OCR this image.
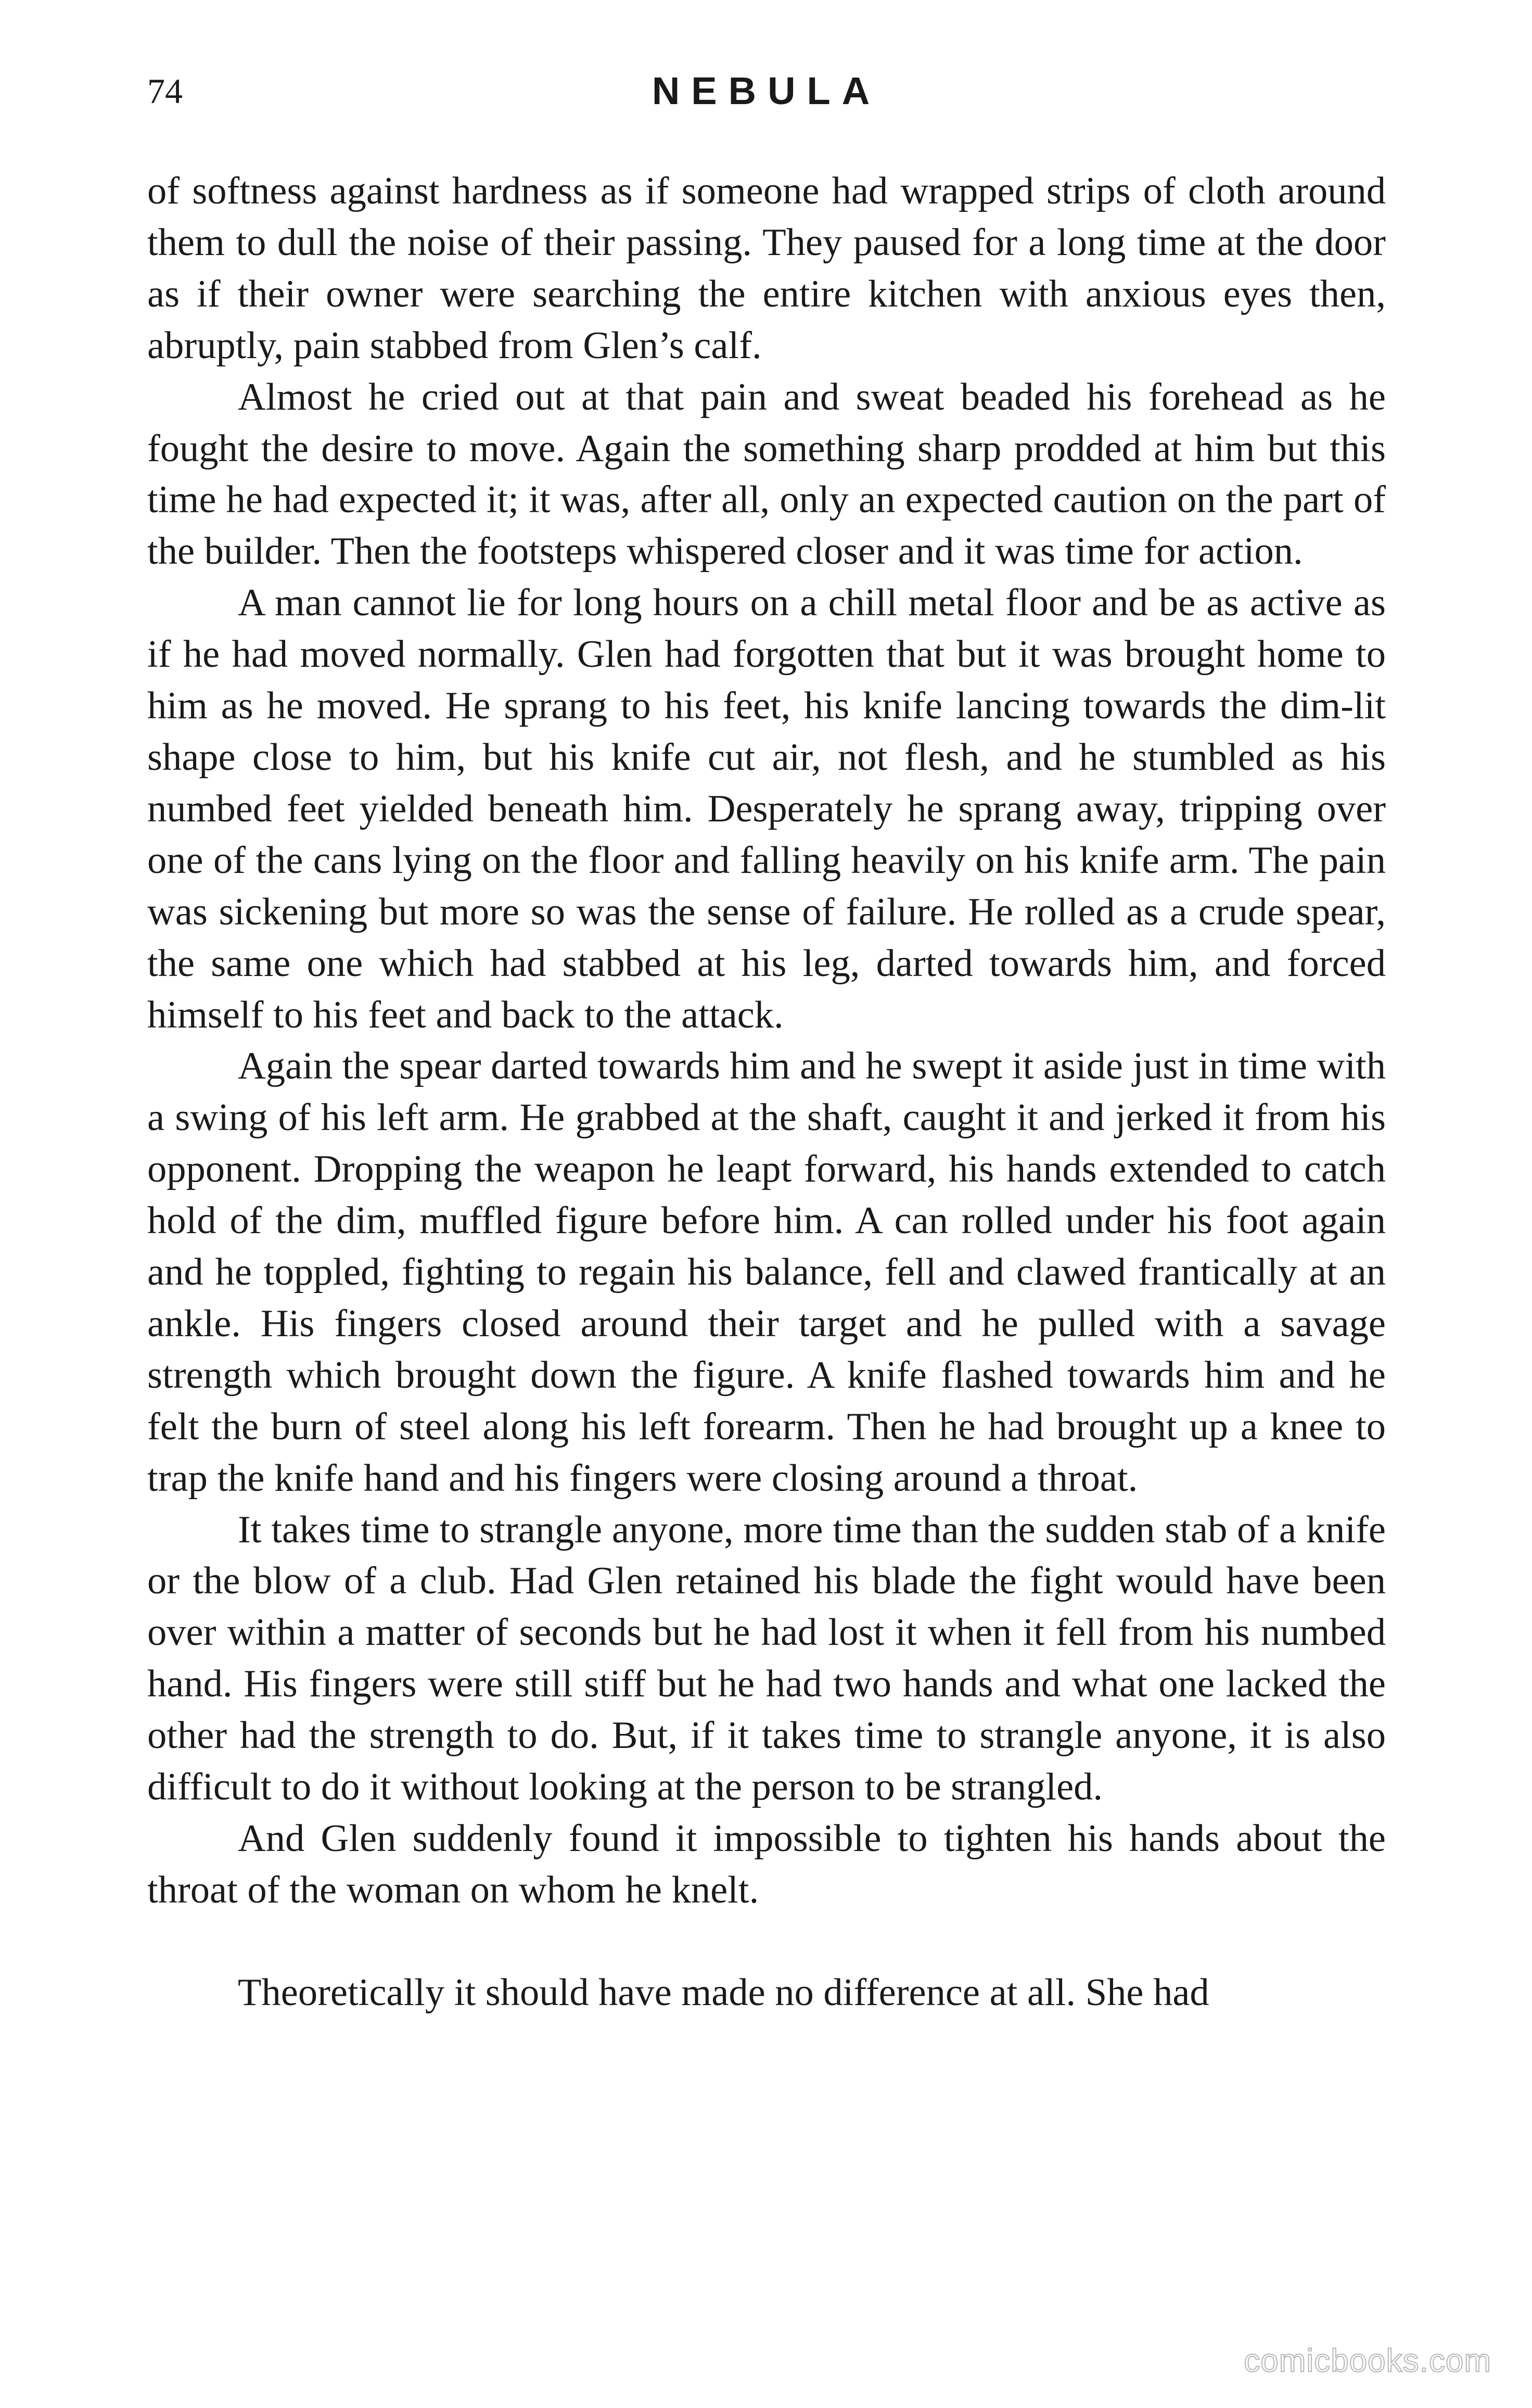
74	NEBULA

of softness against hardness as if someone had wrapped strips of cloth around them to dull the noise of their passing. They paused for a long time at the door as if their owner were searching the entire kitchen with anxious eyes then, abruptly, pain stabbed from Glen’s calf.

Almost he cried out at that pain and sweat beaded his forehead as he fought the desire to move. Again the something sharp prodded at him but this time he had expected it; it was, after all, only an expected caution on the part of the builder. Then the footsteps whispered closer and it was time for action.

A man cannot lie for long hours on a chill metal floor and be as active as if he had moved normally. Glen had forgotten that but it was brought home to him as he moved. He sprang to his feet, his knife lancing towards the dim-lit shape close to him, but his knife cut air, not flesh, and he stumbled as his numbed feet yielded beneath him. Desperately he sprang away, tripping over one of the cans lying on the floor and falling heavily on his knife arm. The pain was sickening but more so was the sense of failure. He rolled as a crude spear, the same one which had stabbed at his leg, darted towards him, and forced himself to his feet and back to the attack.

Again the spear darted towards him and he swept it aside just in time with a swing of his left arm. He grabbed at the shaft, caught it and jerked it from his opponent. Dropping the weapon he leapt forward, his hands extended to catch hold of the dim, muffled figure before him. A can rolled under his foot again and he toppled, fighting to regain his balance, fell and clawed frantically at an ankle. His fingers closed around their target and he pulled with a savage strength which brought down the figure. A knife flashed towards him and he felt the burn of steel along his left forearm. Then he had brought up a knee to trap the knife hand and his fingers were closing around a throat.

It takes time to strangle anyone, more time than the sudden stab of a knife or the blow of a club. Had Glen retained his blade the fight would have been over within a matter of seconds but he had lost it when it fell from his numbed hand. His fingers were still stiff but he had two hands and what one lacked the other had the strength to do. But, if it takes time to strangle anyone, it is also difficult to do it without looking at the person to be strangled.

And Glen suddenly found it impossible to tighten his hands about the throat of the woman on whom he knelt.

Theoretically it should have made no difference at all. She had

comicbooks.com
